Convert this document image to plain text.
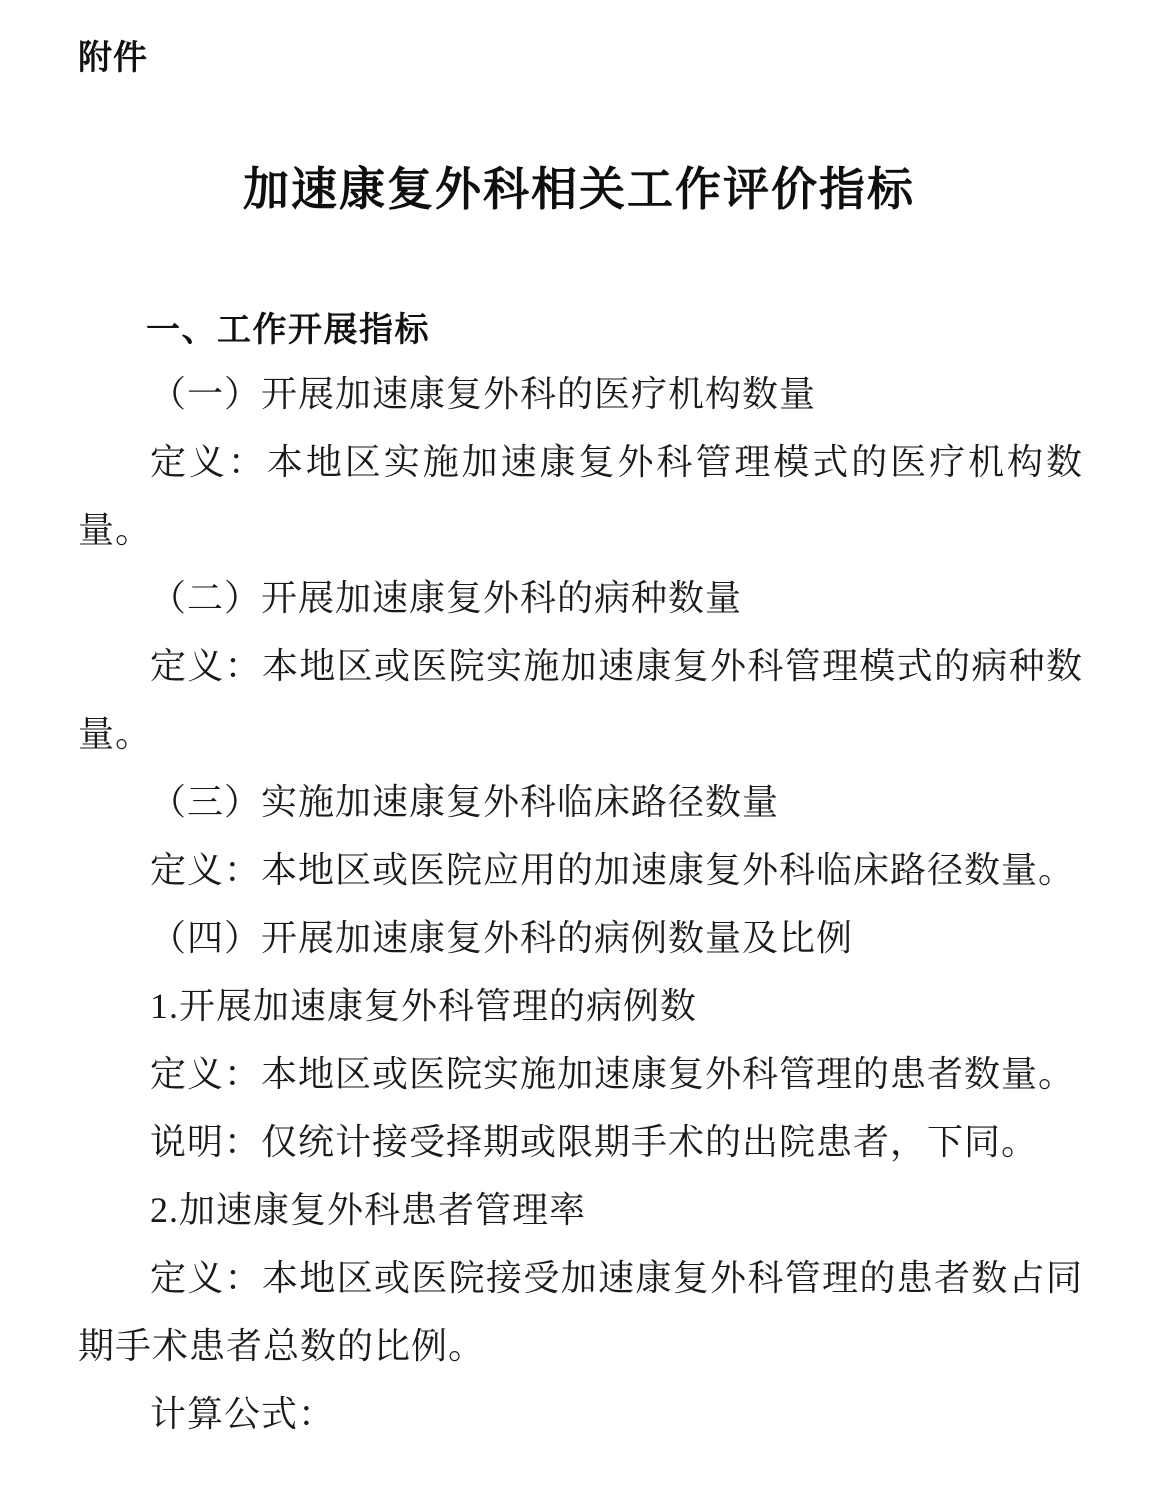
附件
加速康复外科相关工作评价指标
一、工作开展指标

（一）开展加速康复外科的医疗机构数量

定义：本地区实施加速康复外科管理模式的医疗机构数量。

（二）开展加速康复外科的病种数量

定义：本地区或医院实施加速康复外科管理模式的病种数量。

（三）实施加速康复外科临床路径数量

定义：本地区或医院应用的加速康复外科临床路径数量。

（四）开展加速康复外科的病例数量及比例

1.开展加速康复外科管理的病例数

定义：本地区或医院实施加速康复外科管理的患者数量。

说明：仅统计接受择期或限期手术的出院患者，下同。

2.加速康复外科患者管理率

定义：本地区或医院接受加速康复外科管理的患者数占同期手术患者总数的比例。

计算公式：
